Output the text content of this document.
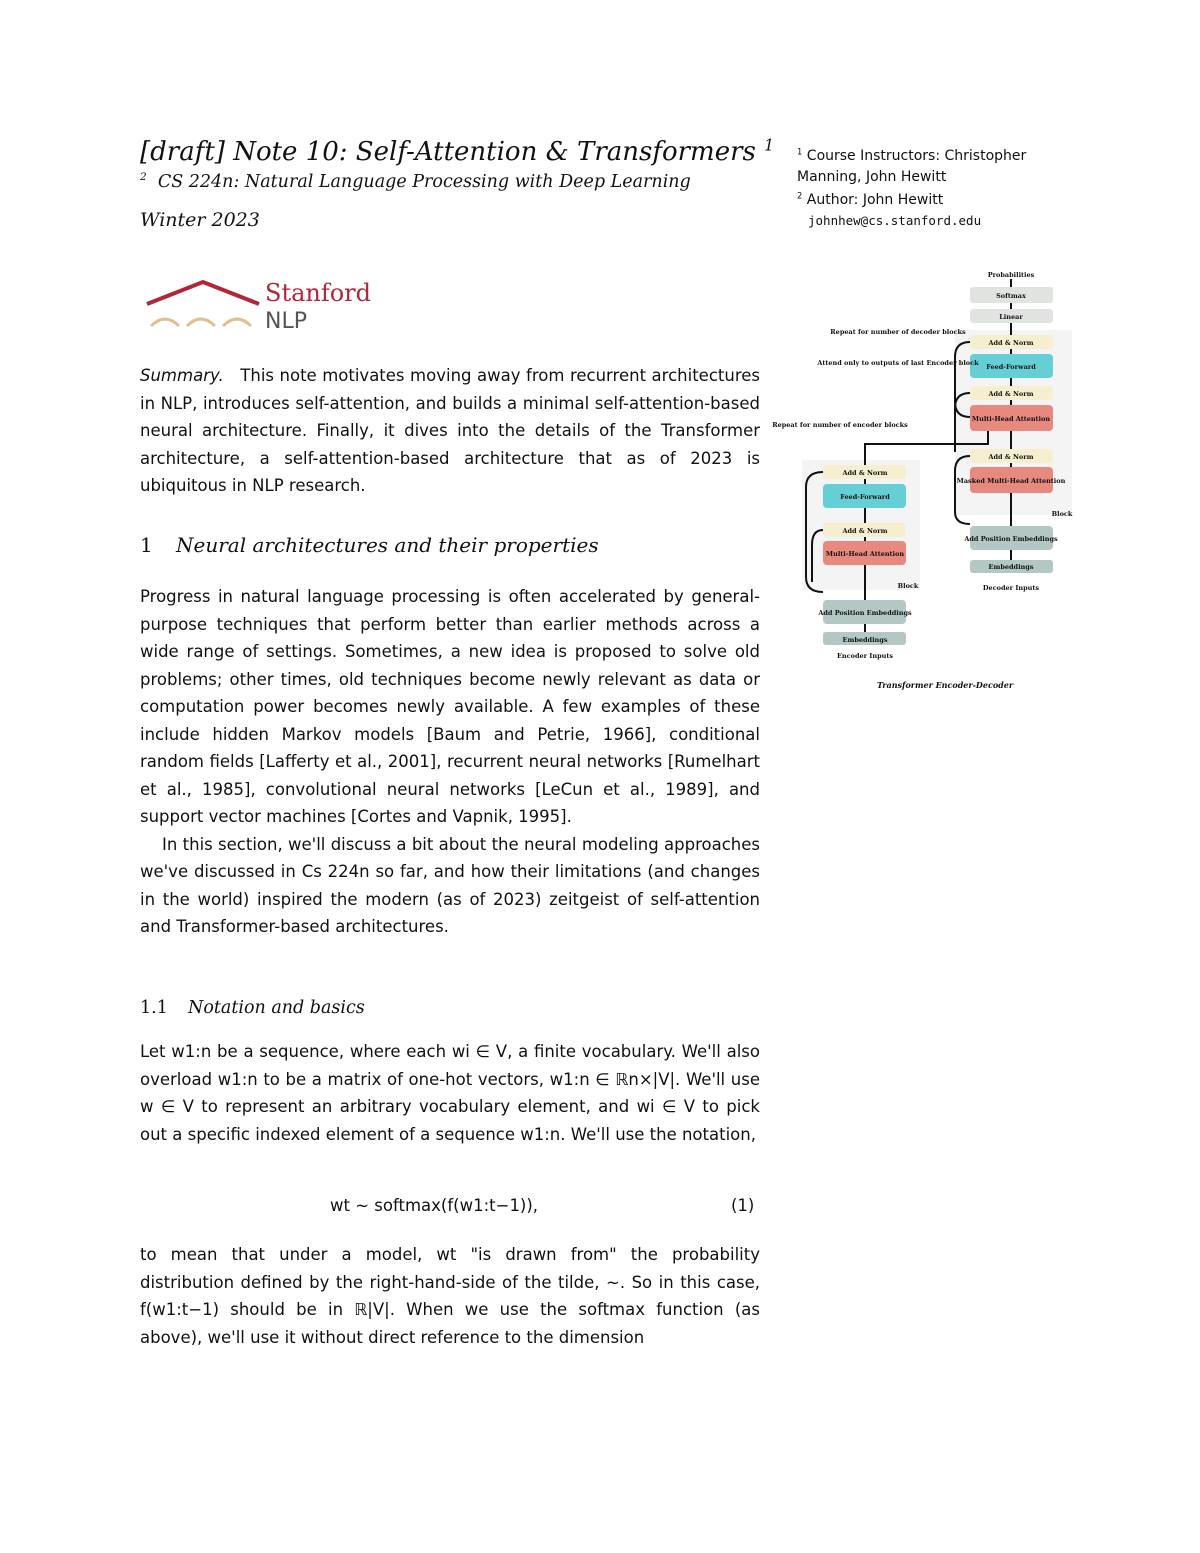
[draft] Note 10: Self-Attention & Transformers $^1$
$^2$ CS 224n: Natural Language Processing with Deep Learning
Winter 2023
Stanford
NLP
$^1$ Course Instructors: Christopher Manning, John Hewitt
$^2$ Author: John Hewitt
johnhew@cs.stanford.edu
Probabilities
Softmax
Linear
Add & Norm
Feed-Forward
Add & Norm
Multi-Head Attention
Add & Norm
Masked Multi-Head Attention
Add Position Embeddings
Embeddings
Decoder Inputs
Block
Add & Norm
Feed-Forward
Add & Norm
Multi-Head Attention
Add Position Embeddings
Embeddings
Encoder Inputs
Block
Repeat for number of decoder blocks
Attend only to outputs of last Encoder block
Repeat for number of encoder blocks
Transformer Encoder-Decoder

Summary. This note motivates moving away from recurrent architectures in NLP, introduces self-attention, and builds a minimal self-attention-based neural architecture. Finally, it dives into the details of the Transformer architecture, a self-attention-based architecture that as of 2023 is ubiquitous in NLP research.

1 Neural architectures and their properties

Progress in natural language processing is often accelerated by general-purpose techniques that perform better than earlier methods across a wide range of settings. Sometimes, a new idea is proposed to solve old problems; other times, old techniques become newly relevant as data or computation power becomes newly available. A few examples of these include hidden Markov models [Baum and Petrie, 1966], conditional random fields [Lafferty et al., 2001], recurrent neural networks [Rumelhart et al., 1985], convolutional neural networks [LeCun et al., 1989], and support vector machines [Cortes and Vapnik, 1995].

In this section, we'll discuss a bit about the neural modeling approaches we've discussed in Cs 224n so far, and how their limitations (and changes in the world) inspired the modern (as of 2023) zeitgeist of self-attention and Transformer-based architectures.

1.1 Notation and basics

Let w1:n be a sequence, where each wi ∈ V, a finite vocabulary. We'll also overload w1:n to be a matrix of one-hot vectors, w1:n ∈ ℝn×|V|. We'll use w ∈ V to represent an arbitrary vocabulary element, and wi ∈ V to pick out a specific indexed element of a sequence w1:n. We'll use the notation,

wt ∼ softmax(f(w1:t−1)),	(1)

to mean that under a model, wt "is drawn from" the probability distribution defined by the right-hand-side of the tilde, ∼. So in this case, f(w1:t−1) should be in ℝ|V|. When we use the softmax function (as above), we'll use it without direct reference to the dimension
